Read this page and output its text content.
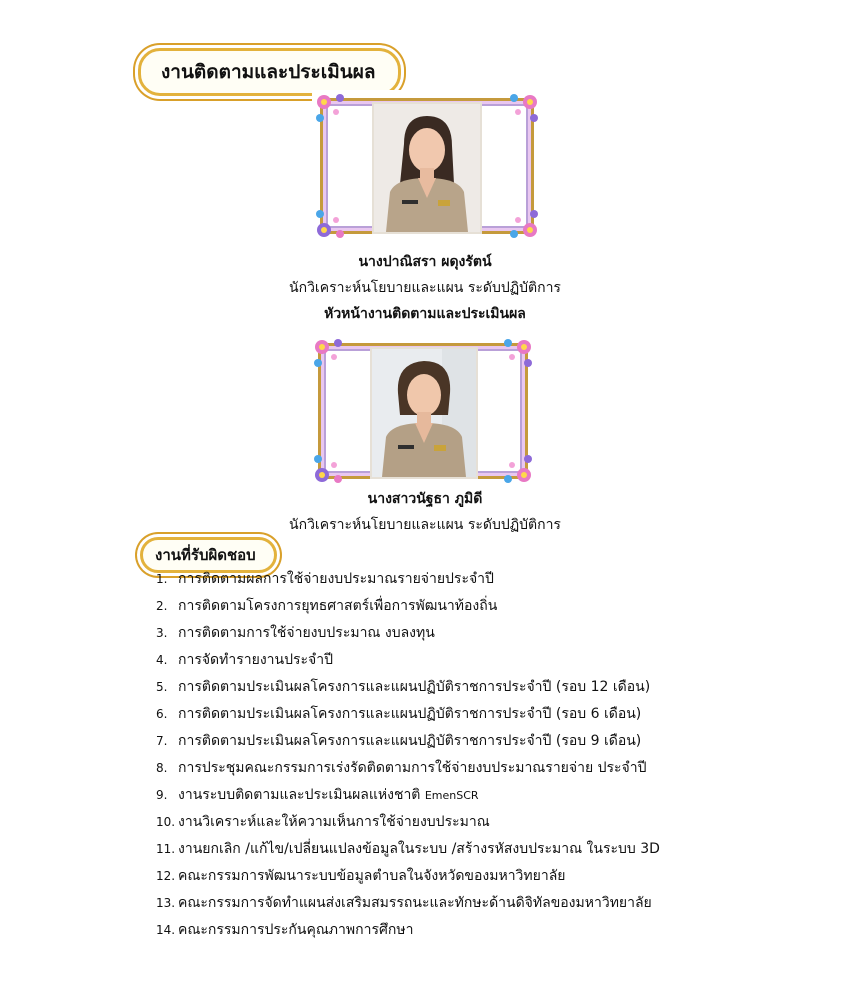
งานติดตามและประเมินผล
นางปาณิสรา ผดุงรัตน์
นักวิเคราะห์นโยบายและแผน ระดับปฏิบัติการ
หัวหน้างานติดตามและประเมินผล
นางสาวนัฐธา ภูมิดี
นักวิเคราะห์นโยบายและแผน ระดับปฏิบัติการ
งานที่รับผิดชอบ
1. การติดตามผลการใช้จ่ายงบประมาณรายจ่ายประจำปี
2. การติดตามโครงการยุทธศาสตร์เพื่อการพัฒนาท้องถิ่น
3. การติดตามการใช้จ่ายงบประมาณ งบลงทุน
4. การจัดทำรายงานประจำปี
5. การติดตามประเมินผลโครงการและแผนปฏิบัติราชการประจำปี (รอบ 12 เดือน)
6. การติดตามประเมินผลโครงการและแผนปฏิบัติราชการประจำปี (รอบ 6 เดือน)
7. การติดตามประเมินผลโครงการและแผนปฏิบัติราชการประจำปี (รอบ 9 เดือน)
8. การประชุมคณะกรรมการเร่งรัดติดตามการใช้จ่ายงบประมาณรายจ่าย ประจำปี
9. งานระบบติดตามและประเมินผลแห่งชาติ
EmenSCR
10. งานวิเคราะห์และให้ความเห็นการใช้จ่ายงบประมาณ
11. งานยกเลิก /แก้ไข/เปลี่ยนแปลงข้อมูลในระบบ /สร้างรหัสงบประมาณ ในระบบ 3D
12. คณะกรรมการพัฒนาระบบข้อมูลตำบลในจังหวัดของมหาวิทยาลัย
13. คณะกรรมการจัดทำแผนส่งเสริมสมรรถนะและทักษะด้านดิจิทัลของมหาวิทยาลัย
14. คณะกรรมการประกันคุณภาพการศึกษา
